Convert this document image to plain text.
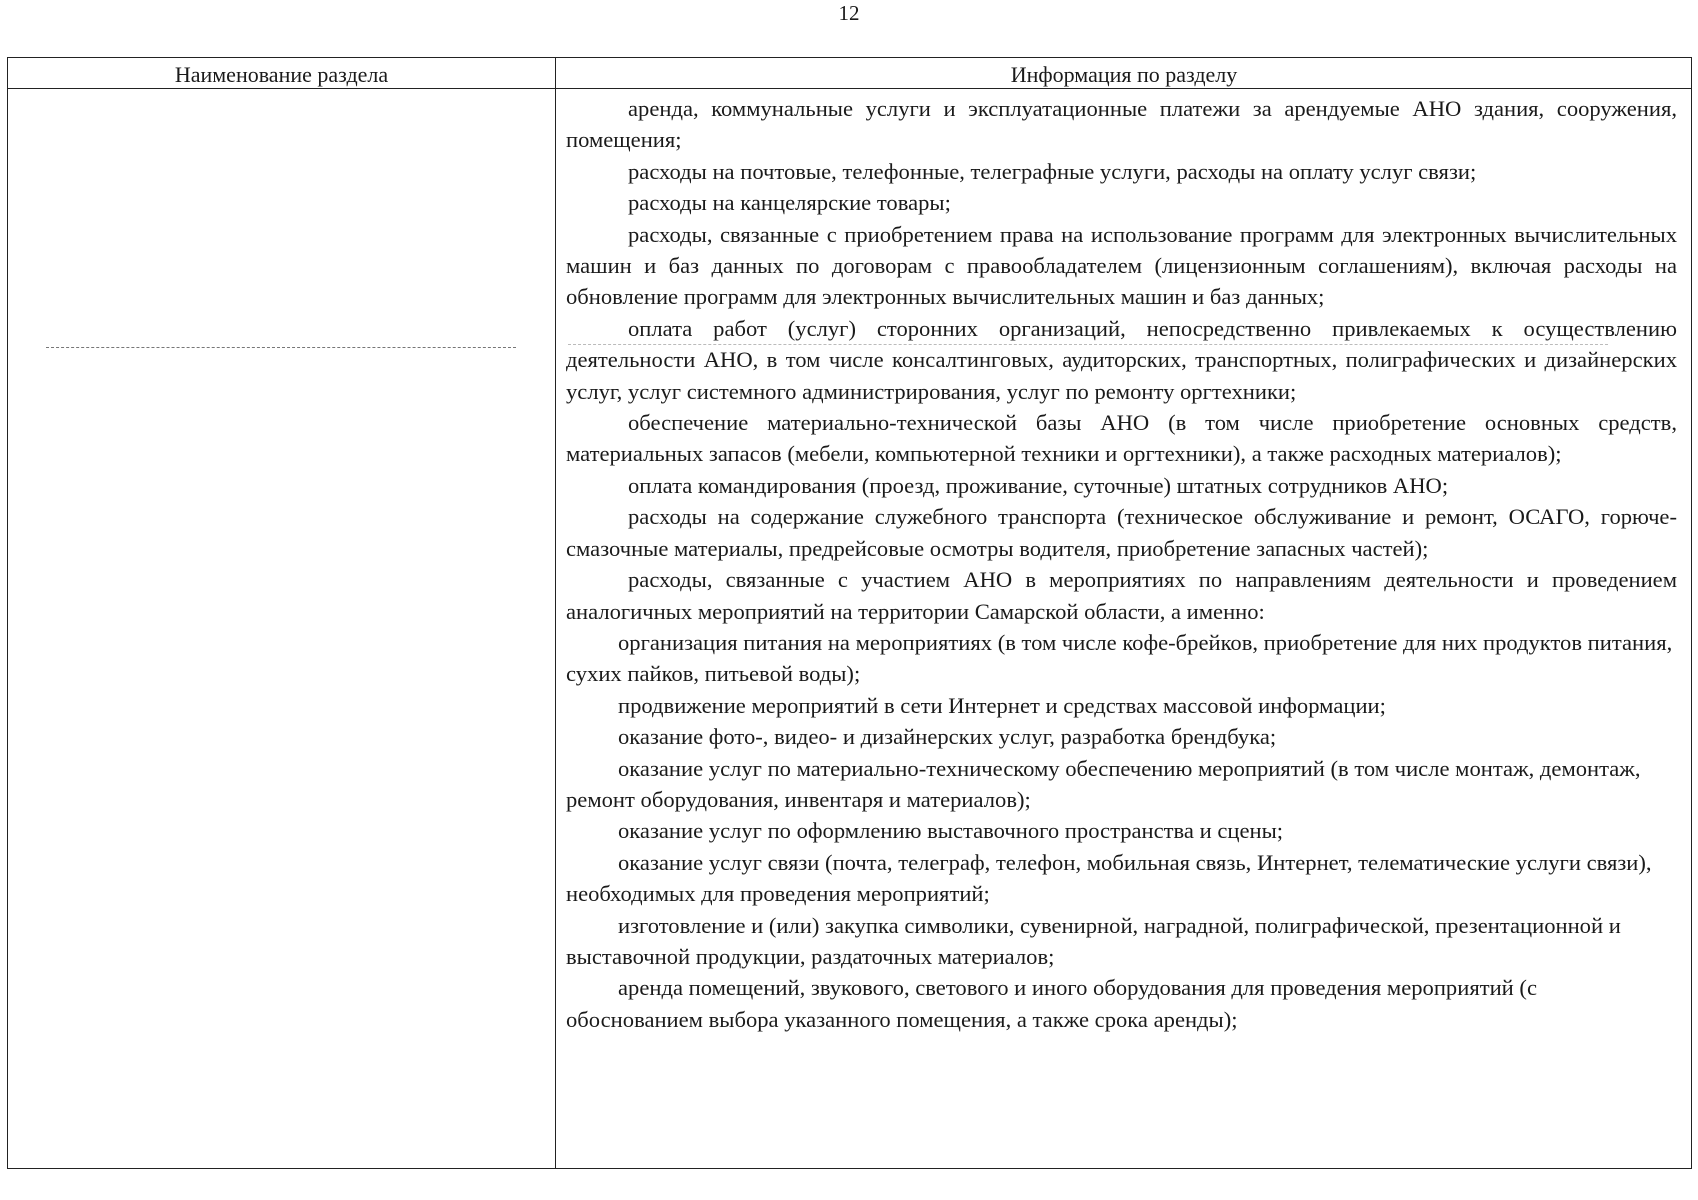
12
Наименование раздела	Информация по разделу

аренда, коммунальные услуги и эксплуатационные платежи за арендуемые АНО здания, сооружения, помещения;

расходы на почтовые, телефонные, телеграфные услуги, расходы на оплату услуг связи;

расходы на канцелярские товары;

расходы, связанные с приобретением права на использование программ для электронных вычислительных машин и баз данных по договорам с правообладателем (лицензионным соглашениям), включая расходы на обновление программ для электронных вычислительных машин и баз данных;

оплата работ (услуг) сторонних организаций, непосредственно привлекаемых к осуществлению деятельности АНО, в том числе консалтинговых, аудиторских, транспортных, полиграфических и дизайнерских услуг, услуг системного администрирования, услуг по ремонту оргтехники;

обеспечение материально-технической базы АНО (в том числе приобретение основных средств, материальных запасов (мебели, компьютерной техники и оргтехники), а также расходных материалов);

оплата командирования (проезд, проживание, суточные) штатных сотрудников АНО;

расходы на содержание служебного транспорта (техническое обслуживание и ремонт, ОСАГО, горюче-смазочные материалы, предрейсовые осмотры водителя, приобретение запасных частей);

расходы, связанные с участием АНО в мероприятиях по направлениям деятельности и проведением аналогичных мероприятий на территории Самарской области, а именно:

организация питания на мероприятиях (в том числе кофе-брейков, приобретение для них продуктов питания, сухих пайков, питьевой воды);

продвижение мероприятий в сети Интернет и средствах массовой информации;

оказание фото-, видео- и дизайнерских услуг, разработка брендбука;

оказание услуг по материально-техническому обеспечению мероприятий (в том числе монтаж, демонтаж, ремонт оборудования, инвентаря и материалов);

оказание услуг по оформлению выставочного пространства и сцены;

оказание услуг связи (почта, телеграф, телефон, мобильная связь, Интернет, телематические услуги связи), необходимых для проведения мероприятий;

изготовление и (или) закупка символики, сувенирной, наградной, полиграфической, презентационной и выставочной продукции, раздаточных материалов;

аренда помещений, звукового, светового и иного оборудования для проведения мероприятий (с обоснованием выбора указанного помещения, а также срока аренды);
